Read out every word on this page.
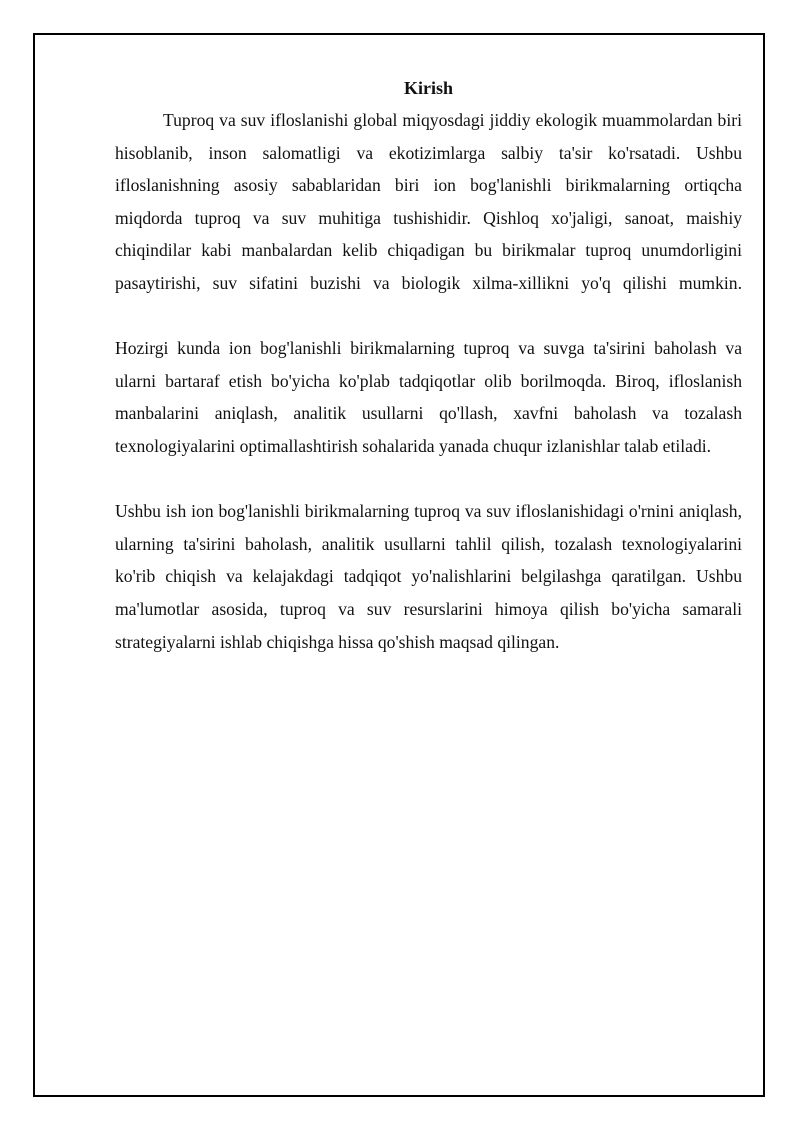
Kirish

Tuproq va suv ifloslanishi global miqyosdagi jiddiy ekologik muammolardan biri hisoblanib, inson salomatligi va ekotizimlarga salbiy ta'sir ko'rsatadi. Ushbu ifloslanishning asosiy sabablaridan biri ion bog'lanishli birikmalarning ortiqcha miqdorda tuproq va suv muhitiga tushishidir. Qishloq xo'jaligi, sanoat, maishiy chiqindilar kabi manbalardan kelib chiqadigan bu birikmalar tuproq unumdorligini pasaytirishi, suv sifatini buzishi va biologik xilma-xillikni yo'q qilishi mumkin.

Hozirgi kunda ion bog'lanishli birikmalarning tuproq va suvga ta'sirini baholash va ularni bartaraf etish bo'yicha ko'plab tadqiqotlar olib borilmoqda. Biroq, ifloslanish manbalarini aniqlash, analitik usullarni qo'llash, xavfni baholash va tozalash texnologiyalarini optimallashtirish sohalarida yanada chuqur izlanishlar talab etiladi.

Ushbu ish ion bog'lanishli birikmalarning tuproq va suv ifloslanishidagi o'rnini aniqlash, ularning ta'sirini baholash, analitik usullarni tahlil qilish, tozalash texnologiyalarini ko'rib chiqish va kelajakdagi tadqiqot yo'nalishlarini belgilashga qaratilgan. Ushbu ma'lumotlar asosida, tuproq va suv resurslarini himoya qilish bo'yicha samarali strategiyalarni ishlab chiqishga hissa qo'shish maqsad qilingan.
